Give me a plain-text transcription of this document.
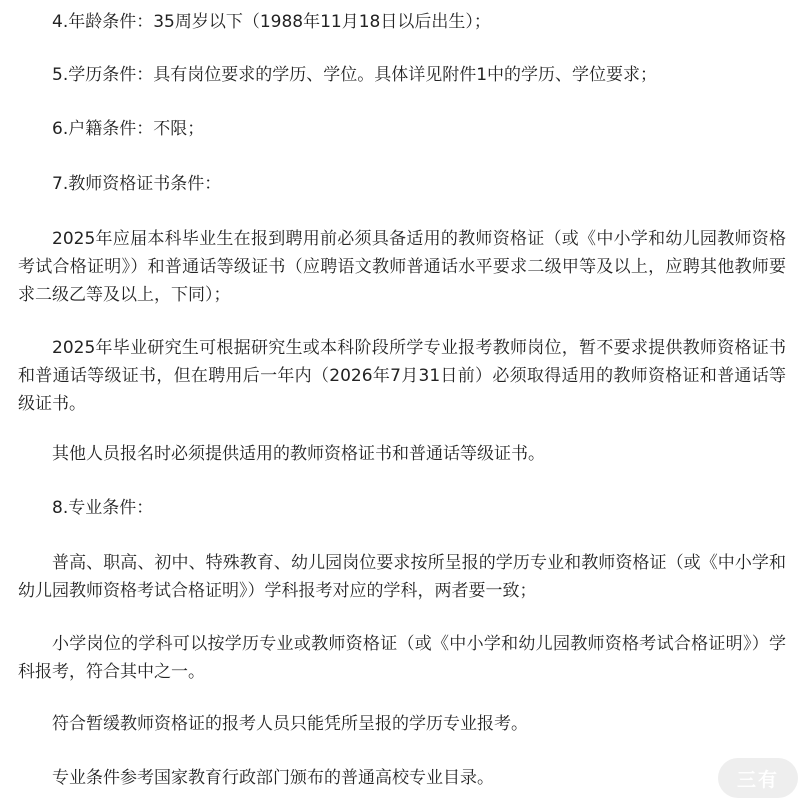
4.年龄条件：35周岁以下（1988年11月18日以后出生）；

5.学历条件：具有岗位要求的学历、学位。具体详见附件1中的学历、学位要求；

6.户籍条件：不限；

7.教师资格证书条件：

2025年应届本科毕业生在报到聘用前必须具备适用的教师资格证（或《中小学和幼儿园教师资格考试合格证明》）和普通话等级证书（应聘语文教师普通话水平要求二级甲等及以上，应聘其他教师要求二级乙等及以上，下同）；

2025年毕业研究生可根据研究生或本科阶段所学专业报考教师岗位，暂不要求提供教师资格证书和普通话等级证书，但在聘用后一年内（2026年7月31日前）必须取得适用的教师资格证和普通话等级证书。

其他人员报名时必须提供适用的教师资格证书和普通话等级证书。

8.专业条件：

普高、职高、初中、特殊教育、幼儿园岗位要求按所呈报的学历专业和教师资格证（或《中小学和幼儿园教师资格考试合格证明》）学科报考对应的学科，两者要一致；

小学岗位的学科可以按学历专业或教师资格证（或《中小学和幼儿园教师资格考试合格证明》）学科报考，符合其中之一。

符合暂缓教师资格证的报考人员只能凭所呈报的学历专业报考。

专业条件参考国家教育行政部门颁布的普通高校专业目录。	三有
